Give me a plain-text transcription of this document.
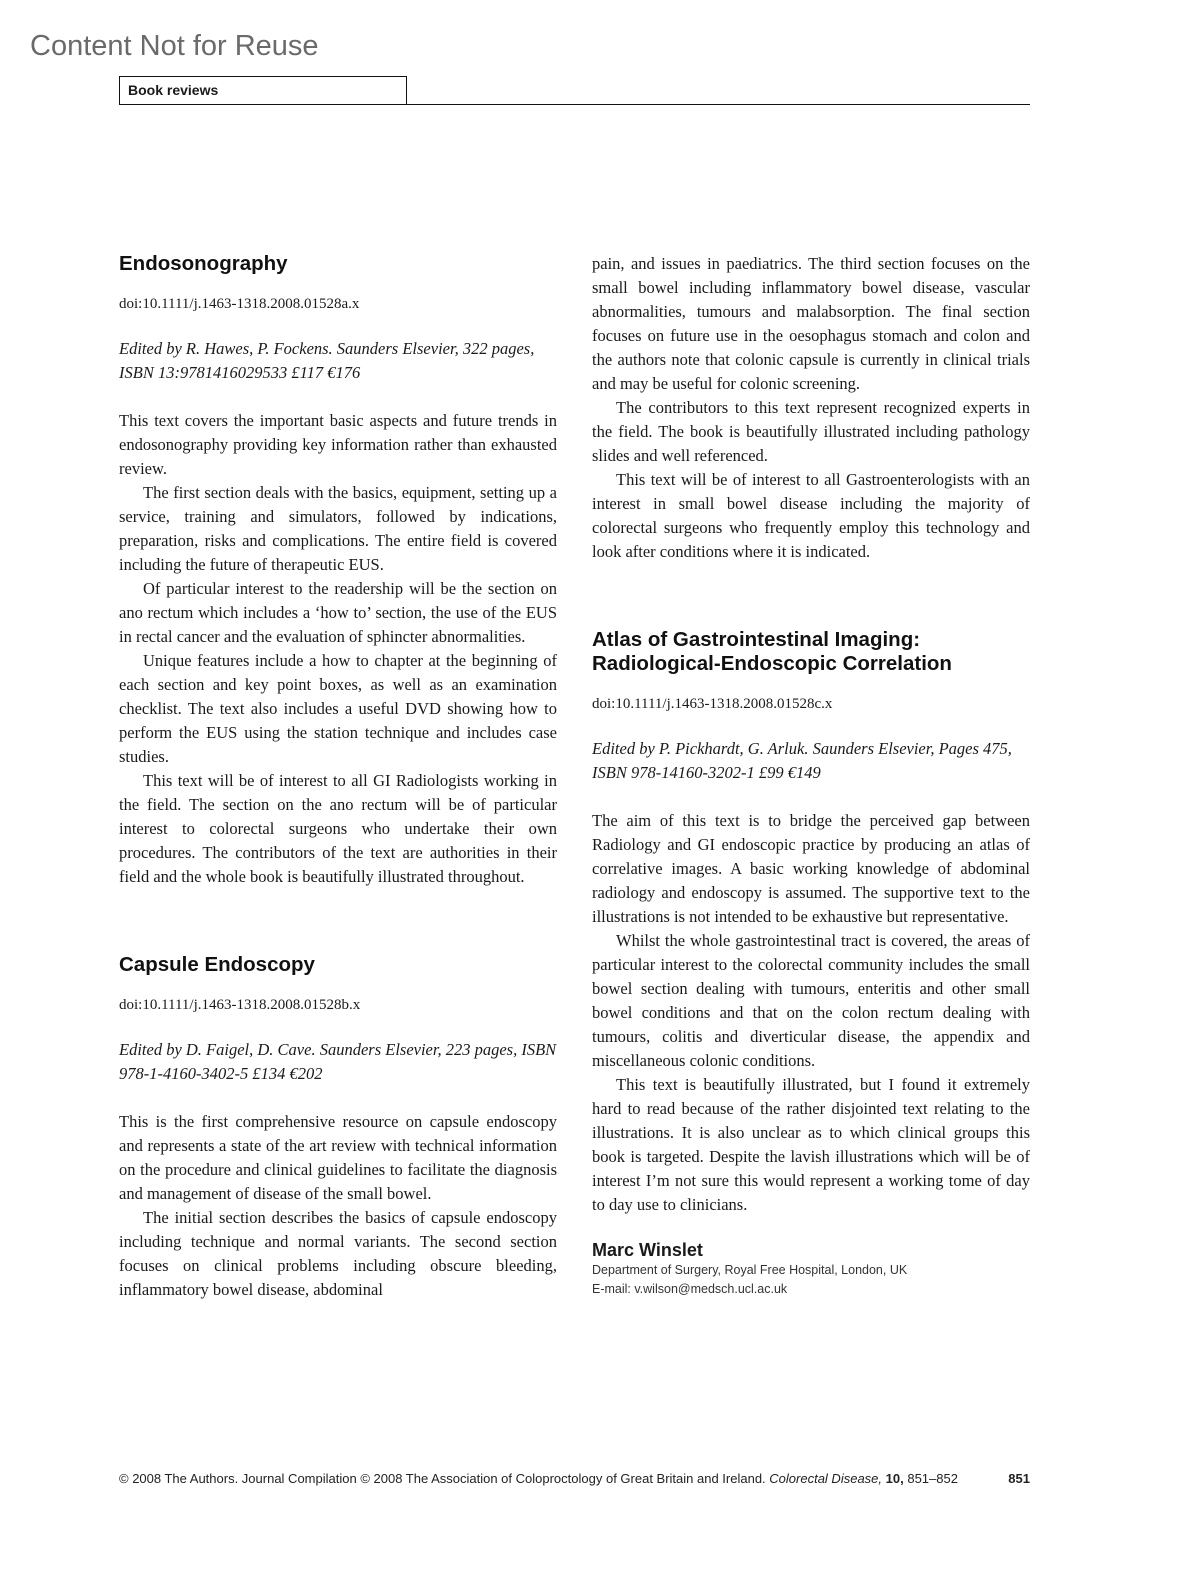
Content Not for Reuse
Book reviews
Endosonography

doi:10.1111/j.1463-1318.2008.01528a.x

Edited by R. Hawes, P. Fockens. Saunders Elsevier, 322 pages, ISBN 13:9781416029533 £117 €176

This text covers the important basic aspects and future trends in endosonography providing key information rather than exhausted review.

The first section deals with the basics, equipment, setting up a service, training and simulators, followed by indications, preparation, risks and complications. The entire field is covered including the future of therapeutic EUS.

Of particular interest to the readership will be the section on ano rectum which includes a ‘how to’ section, the use of the EUS in rectal cancer and the evaluation of sphincter abnormalities.

Unique features include a how to chapter at the beginning of each section and key point boxes, as well as an examination checklist. The text also includes a useful DVD showing how to perform the EUS using the station technique and includes case studies.

This text will be of interest to all GI Radiologists working in the field. The section on the ano rectum will be of particular interest to colorectal surgeons who undertake their own procedures. The contributors of the text are authorities in their field and the whole book is beautifully illustrated throughout.

Capsule Endoscopy

doi:10.1111/j.1463-1318.2008.01528b.x

Edited by D. Faigel, D. Cave. Saunders Elsevier, 223 pages, ISBN 978-1-4160-3402-5 £134 €202

This is the first comprehensive resource on capsule endoscopy and represents a state of the art review with technical information on the procedure and clinical guidelines to facilitate the diagnosis and management of disease of the small bowel.

The initial section describes the basics of capsule endoscopy including technique and normal variants. The second section focuses on clinical problems including obscure bleeding, inflammatory bowel disease, abdominal

pain, and issues in paediatrics. The third section focuses on the small bowel including inflammatory bowel disease, vascular abnormalities, tumours and malabsorption. The final section focuses on future use in the oesophagus stomach and colon and the authors note that colonic capsule is currently in clinical trials and may be useful for colonic screening.

The contributors to this text represent recognized experts in the field. The book is beautifully illustrated including pathology slides and well referenced.

This text will be of interest to all Gastroenterologists with an interest in small bowel disease including the majority of colorectal surgeons who frequently employ this technology and look after conditions where it is indicated.

Atlas of Gastrointestinal Imaging: Radiological-Endoscopic Correlation

doi:10.1111/j.1463-1318.2008.01528c.x

Edited by P. Pickhardt, G. Arluk. Saunders Elsevier, Pages 475, ISBN 978-14160-3202-1 £99 €149

The aim of this text is to bridge the perceived gap between Radiology and GI endoscopic practice by producing an atlas of correlative images. A basic working knowledge of abdominal radiology and endoscopy is assumed. The supportive text to the illustrations is not intended to be exhaustive but representative.

Whilst the whole gastrointestinal tract is covered, the areas of particular interest to the colorectal community includes the small bowel section dealing with tumours, enteritis and other small bowel conditions and that on the colon rectum dealing with tumours, colitis and diverticular disease, the appendix and miscellaneous colonic conditions.

This text is beautifully illustrated, but I found it extremely hard to read because of the rather disjointed text relating to the illustrations. It is also unclear as to which clinical groups this book is targeted. Despite the lavish illustrations which will be of interest I’m not sure this would represent a working tome of day to day use to clinicians.

Marc Winslet

Department of Surgery, Royal Free Hospital, London, UK

E-mail: v.wilson@medsch.ucl.ac.uk

© 2008 The Authors. Journal Compilation © 2008 The Association of Coloproctology of Great Britain and Ireland. Colorectal Disease, 10, 851–852	851
